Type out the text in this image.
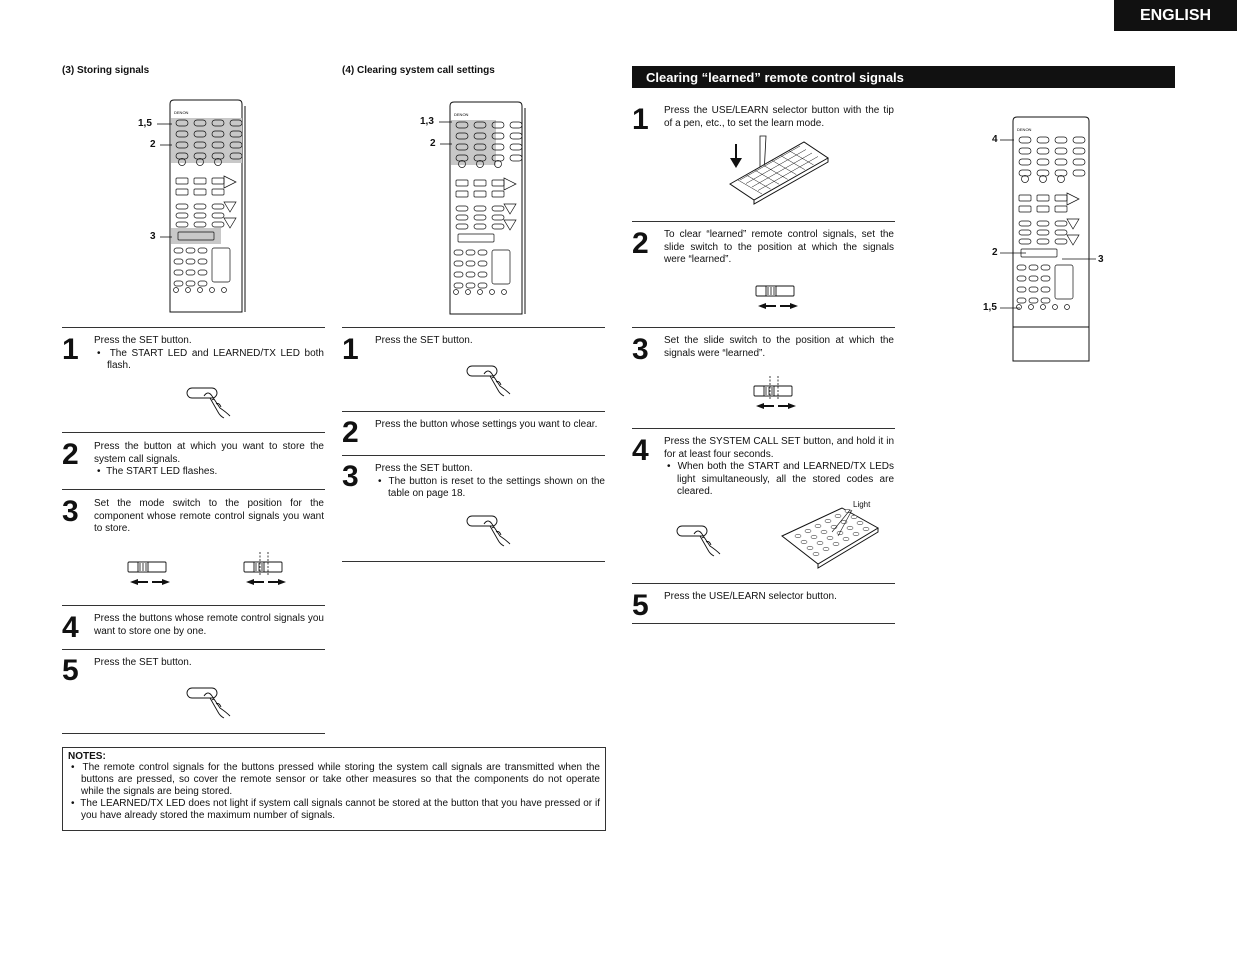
ENGLISH
(3) Storing signals	(4) Clearing system call settings	Clearing “learned” remote control signals
DENON	DENON
DENON
1,5
2
3
1,3
2	4
2
3
1,5
1 Press the SET button.
•  The START LED and LEARNED/TX LED both flash.
2 Press the button at which you want to store the system call signals.
•  The START LED flashes.
3 Set the mode switch to the position for the component whose remote control signals you want to store.
4 Press the buttons whose remote control signals you want to store one by one.
5 Press the SET button.
1 Press the SET button.
2 Press the button whose settings you want to clear.
3 Press the SET button.
•  The button is reset to the settings shown on the table on page 18.
1 Press the USE/LEARN selector button with the tip of a pen, etc., to set the learn mode.
2 To clear “learned” remote control signals, set the slide switch to the position at which the signals were “learned”.
3 Set the slide switch to the position at which the signals were “learned”.
4 Press the SYSTEM CALL SET button, and hold it in for at least four seconds.
•  When both the START and LEARNED/TX LEDs light simultaneously, all the stored codes are cleared.
5 Press the USE/LEARN selector button.
Light
NOTES:
•  The remote control signals for the buttons pressed while storing the system call signals are transmitted when the buttons are pressed, so cover the remote sensor or take other measures so that the components do not operate while the signals are being stored.
•  The LEARNED/TX LED does not light if system call signals cannot be stored at the button that you have pressed or if you have already stored the maximum number of signals.
